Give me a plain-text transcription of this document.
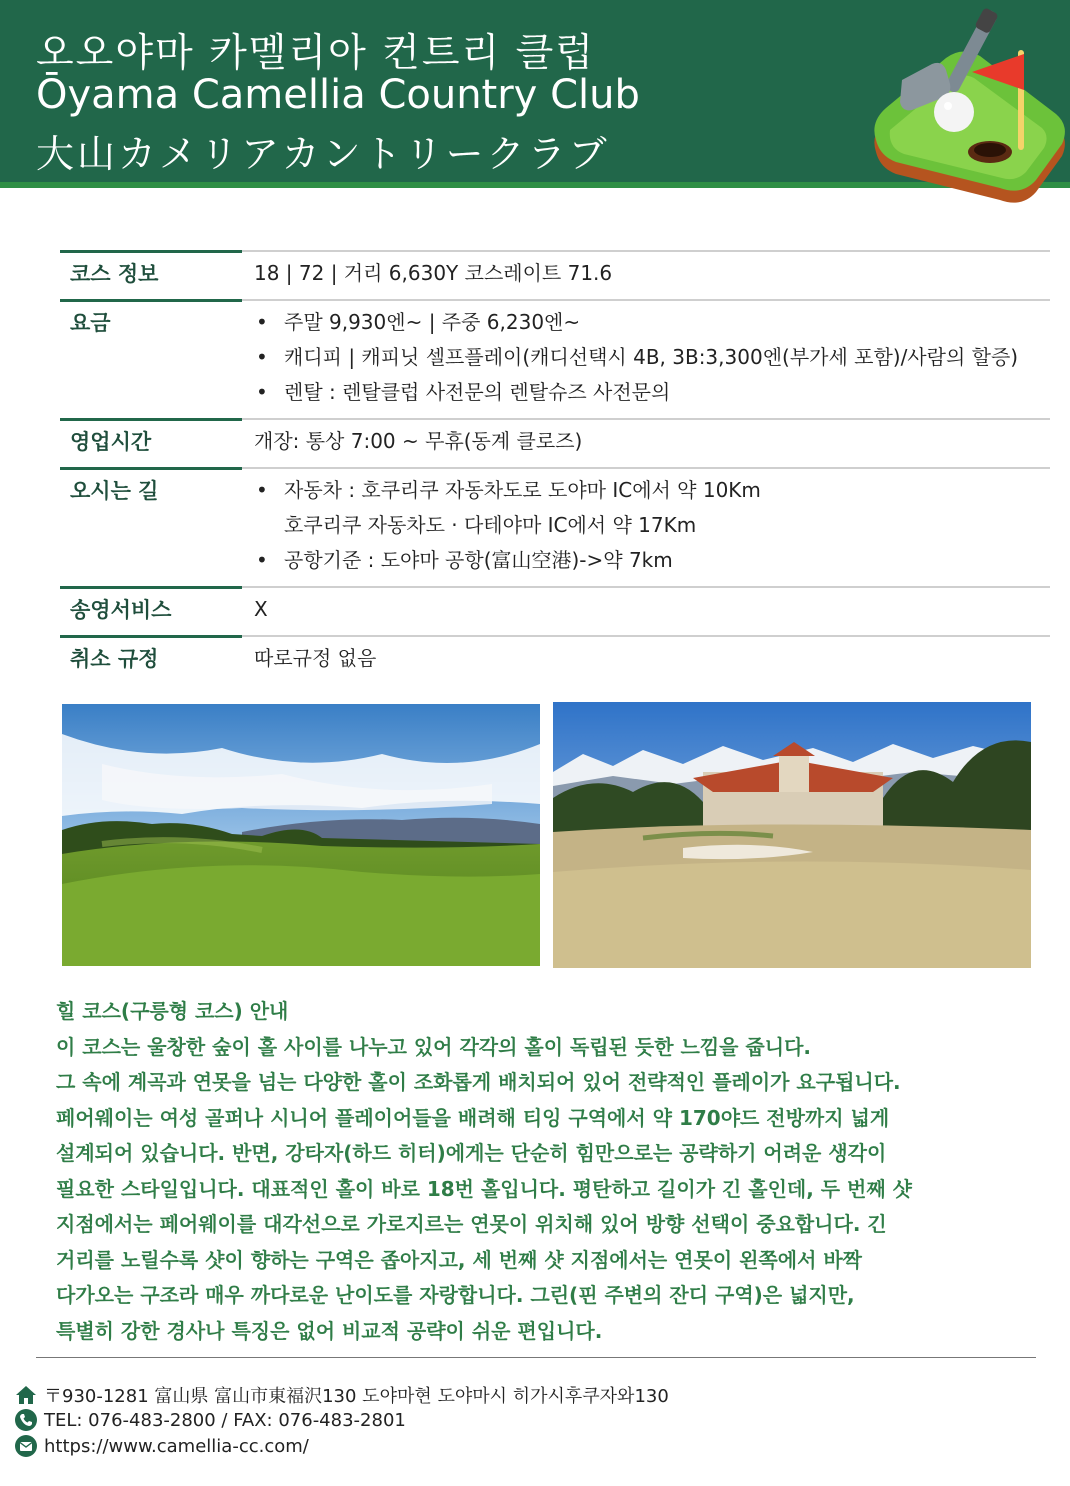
오오야마 카멜리아 컨트리 클럽
Ōyama Camellia Country Club
大山カメリアカントリークラブ
코스 정보	18 | 72 | 거리 6,630Y 코스레이트 71.6
요금	• 주말 9,930엔~ | 주중 6,230엔~
• 캐디피 | 캐피닛 셀프플레이(캐디선택시 4B, 3B:3,300엔(부가세 포함)/사람의 할증)
• 렌탈 : 렌탈클럽 사전문의 렌탈슈즈 사전문의
영업시간	개장: 통상 7:00 ~ 무휴(동계 클로즈)
오시는 길	• 자동차 : 호쿠리쿠 자동차도로 도야마 IC에서 약 10Km
호쿠리쿠 자동차도 · 다테야마 IC에서 약 17Km
• 공항기준 : 도야마 공항(富山空港)->약 7km
송영서비스	X
취소 규정	따로규정 없음

힐 코스(구릉형 코스) 안내

이 코스는 울창한 숲이 홀 사이를 나누고 있어 각각의 홀이 독립된 듯한 느낌을 줍니다.

그 속에 계곡과 연못을 넘는 다양한 홀이 조화롭게 배치되어 있어 전략적인 플레이가 요구됩니다.

페어웨이는 여성 골퍼나 시니어 플레이어들을 배려해 티잉 구역에서 약 170야드 전방까지 넓게

설계되어 있습니다. 반면, 강타자(하드 히터)에게는 단순히 힘만으로는 공략하기 어려운 생각이

필요한 스타일입니다. 대표적인 홀이 바로 18번 홀입니다. 평탄하고 길이가 긴 홀인데, 두 번째 샷

지점에서는 페어웨이를 대각선으로 가로지르는 연못이 위치해 있어 방향 선택이 중요합니다. 긴

거리를 노릴수록 샷이 향하는 구역은 좁아지고, 세 번째 샷 지점에서는 연못이 왼쪽에서 바짝

다가오는 구조라 매우 까다로운 난이도를 자랑합니다. 그린(핀 주변의 잔디 구역)은 넓지만,

특별히 강한 경사나 특징은 없어 비교적 공략이 쉬운 편입니다.

〒930-1281 富山県 富山市東福沢130 도야마현 도야마시 히가시후쿠자와130
TEL: 076-483-2800 / FAX: 076-483-2801
https://www.camellia-cc.com/
